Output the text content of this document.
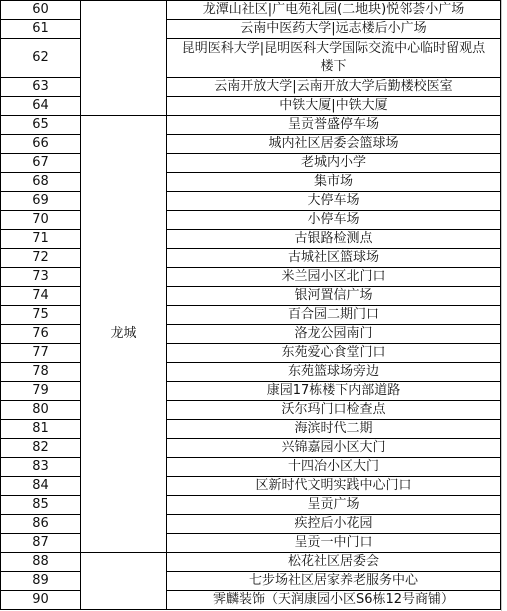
60		龙潭山社区|广电苑礼园(二地块)悦邻荟小广场
61		云南中医药大学|远志楼后小广场
62		昆明医科大学|昆明医科大学国际交流中心临时留观点楼下
63		云南开放大学|云南开放大学后勤楼校医室
64		中铁大厦|中铁大厦
65	龙城	呈贡誉盛停车场
66		城内社区居委会篮球场
67		老城内小学
68		集市场
69		大停车场
70		小停车场
71		古银路检测点
72		古城社区篮球场
73		米兰园小区北门口
74		银河置信广场
75		百合园二期门口
76		洛龙公园南门
77		东苑爱心食堂门口
78		东苑篮球场旁边
79		康园17栋楼下内部道路
80		沃尔玛门口检查点
81		海滨时代二期
82		兴锦嘉园小区大门
83		十四冶小区大门
84		区新时代文明实践中心门口
85		呈贡广场
86		疾控后小花园
87		呈贡一中门口
88		松花社区居委会
89		七步场社区居家养老服务中心
90		霁麟装饰（天润康园小区S6栋12号商铺）
